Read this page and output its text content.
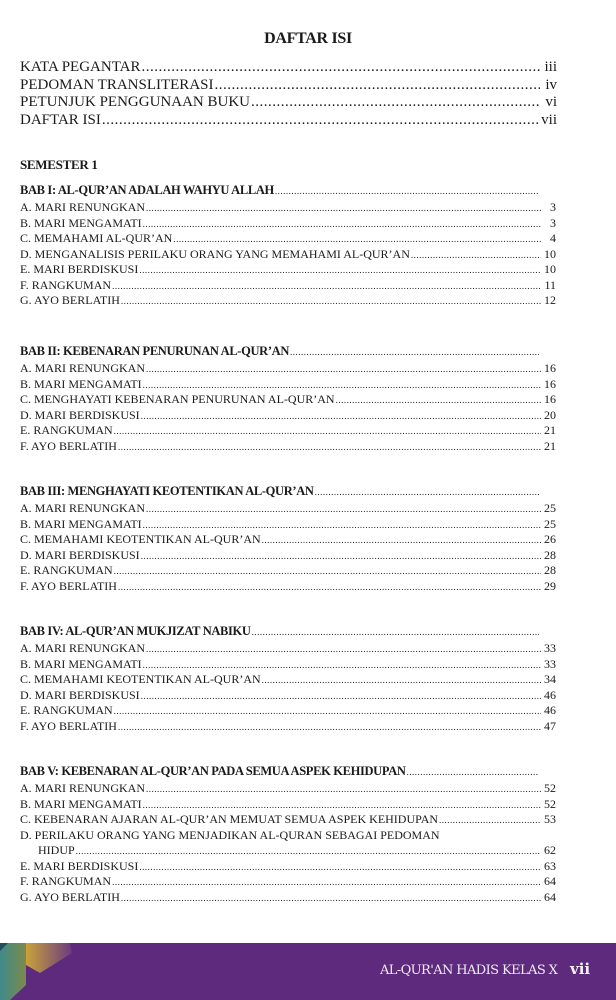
DAFTAR ISI
KATA PEGANTAR .....	iii
PEDOMAN TRANSLITERASI .....	iv
PETUNJUK PENGGUNAAN BUKU .....	vi
DAFTAR ISI .....	vii
SEMESTER 1
BAB I: AL-QUR’AN ADALAH WAHYU ALLAH
.....
A. MARI RENUNGKAN .....	3
B. MARI MENGAMATI .....	3
C. MEMAHAMI AL-QUR’AN .....	4
D. MENGANALISIS PERILAKU ORANG YANG MEMAHAMI AL-QUR’AN .....	10
E. MARI BERDISKUSI .....	10
F. RANGKUMAN .....	11
G. AYO BERLATIH .....	12
BAB II: KEBENARAN PENURUNAN AL-QUR’AN
.....
A. MARI RENUNGKAN .....	16
B. MARI MENGAMATI .....	16
C. MENGHAYATI KEBENARAN PENURUNAN AL-QUR’AN .....	16
D. MARI BERDISKUSI .....	20
E. RANGKUMAN .....	21
F. AYO BERLATIH .....	21
BAB III: MENGHAYATI KEOTENTIKAN AL-QUR’AN
.....
A. MARI RENUNGKAN .....	25
B. MARI MENGAMATI .....	25
C. MEMAHAMI KEOTENTIKAN AL-QUR’AN .....	26
D. MARI BERDISKUSI .....	28
E. RANGKUMAN .....	28
F. AYO BERLATIH .....	29
BAB IV: AL-QUR’AN MUKJIZAT NABIKU
.....
A. MARI RENUNGKAN .....	33
B. MARI MENGAMATI .....	33
C. MEMAHAMI KEOTENTIKAN AL-QUR’AN .....	34
D. MARI BERDISKUSI .....	46
E. RANGKUMAN .....	46
F. AYO BERLATIH .....	47
BAB V: KEBENARAN AL-QUR’AN PADA SEMUA ASPEK KEHIDUPAN
.....
A. MARI RENUNGKAN .....	52
B. MARI MENGAMATI .....	52
C. KEBENARAN AJARAN AL-QUR’AN MEMUAT SEMUA ASPEK KEHIDUPAN .....	53
D. PERILAKU ORANG YANG MENJADIKAN AL-QURAN SEBAGAI PEDOMAN
HIDUP .....	62
E. MARI BERDISKUSI .....	63
F. RANGKUMAN .....	64
G. AYO BERLATIH .....	64
AL-QUR'AN HADIS KELAS X vii
